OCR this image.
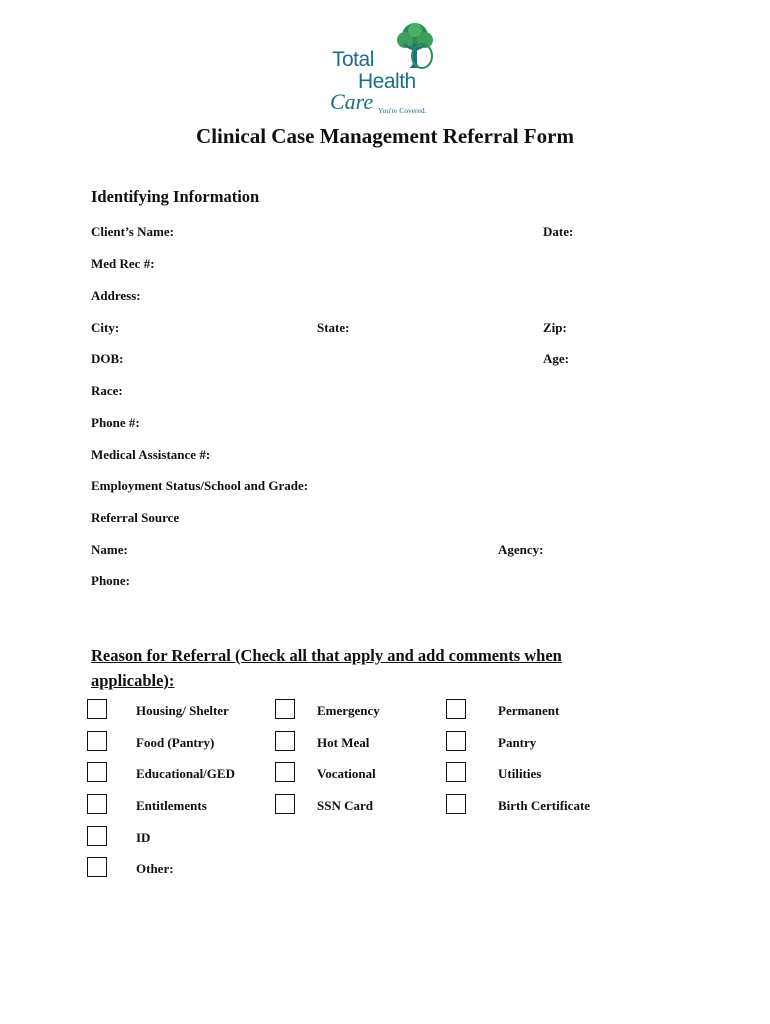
Total
Health
Care You're Covered.
Clinical Case Management Referral Form
Identifying Information
Client’s Name:	Date:
Med Rec #:
Address:
City:	State:	Zip:
DOB:	Age:
Race:
Phone #:
Medical Assistance #:
Employment Status/School and Grade:
Referral Source
Name:	Agency:
Phone:
Reason for Referral (Check all that apply and add comments when applicable):
Housing/ Shelter	Emergency	Permanent
Food (Pantry)	Hot Meal	Pantry
Educational/GED	Vocational	Utilities
Entitlements	SSN Card	Birth Certificate
ID
Other:
